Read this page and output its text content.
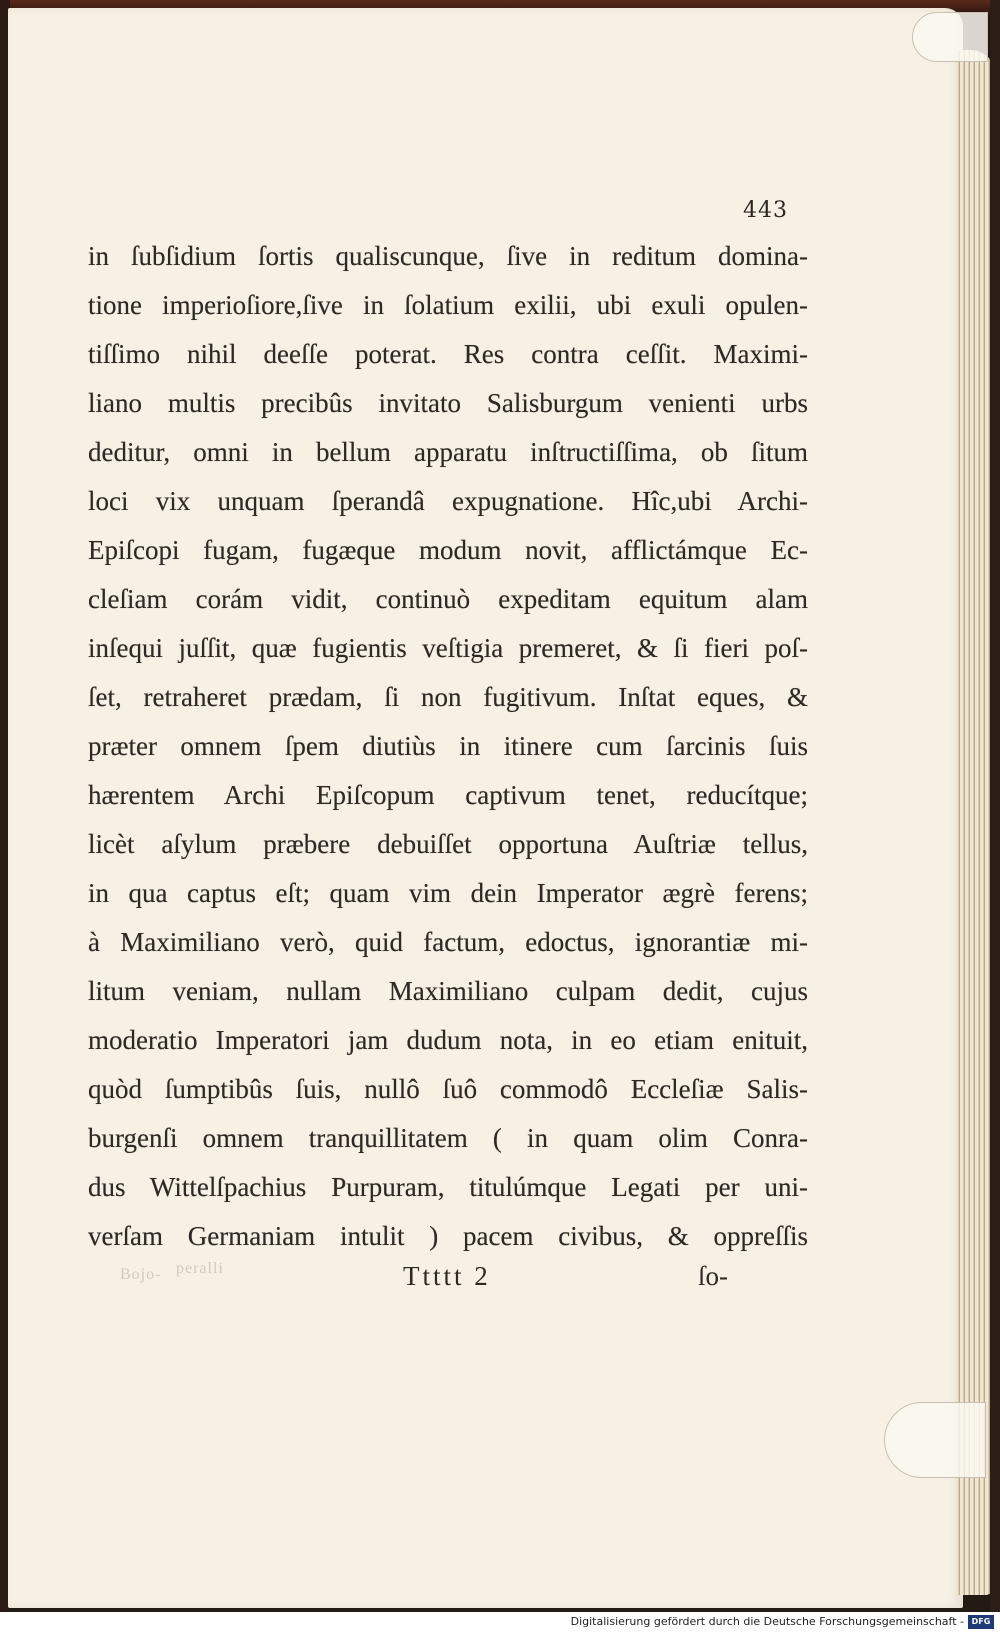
443
in ſubſidium ſortis qualiscunque, ſive in reditum domina-
tione imperioſiore,ſive in ſolatium exilii, ubi exuli opulen-
tiſſimo nihil deeſſe poterat. Res contra ceſſit. Maximi-
liano multis precibûs invitato Salisburgum venienti urbs
deditur, omni in bellum apparatu inſtructiſſima, ob ſitum
loci vix unquam ſperandâ expugnatione. Hîc,ubi Archi-
Epiſcopi fugam, fugæque modum novit, afflictámque Ec-
cleſiam corám vidit, continuò expeditam equitum alam
inſequi juſſit, quæ fugientis veſtigia premeret, & ſi fieri poſ-
ſet, retraheret prædam, ſi non fugitivum. Inſtat eques, &
præter omnem ſpem diutiùs in itinere cum ſarcinis ſuis
hærentem Archi Epiſcopum captivum tenet, reducítque;
licèt aſylum præbere debuiſſet opportuna Auſtriæ tellus,
in qua captus eſt; quam vim dein Imperator ægrè ferens;
à Maximiliano verò, quid factum, edoctus, ignorantiæ mi-
litum veniam, nullam Maximiliano culpam dedit, cujus
moderatio Imperatori jam dudum nota, in eo etiam enituit,
quòd ſumptibûs ſuis, nullô ſuô commodô Eccleſiæ Salis-
burgenſi omnem tranquillitatem ( in quam olim Conra-
dus Wittelſpachius Purpuram, titulúmque Legati per uni-
verſam Germaniam intulit ) pacem civibus, & oppreſſis
Bojo- peralli	Ttttt 2	ſo-
Digitalisierung gefördert durch die Deutsche Forschungsgemeinschaft - DFG
